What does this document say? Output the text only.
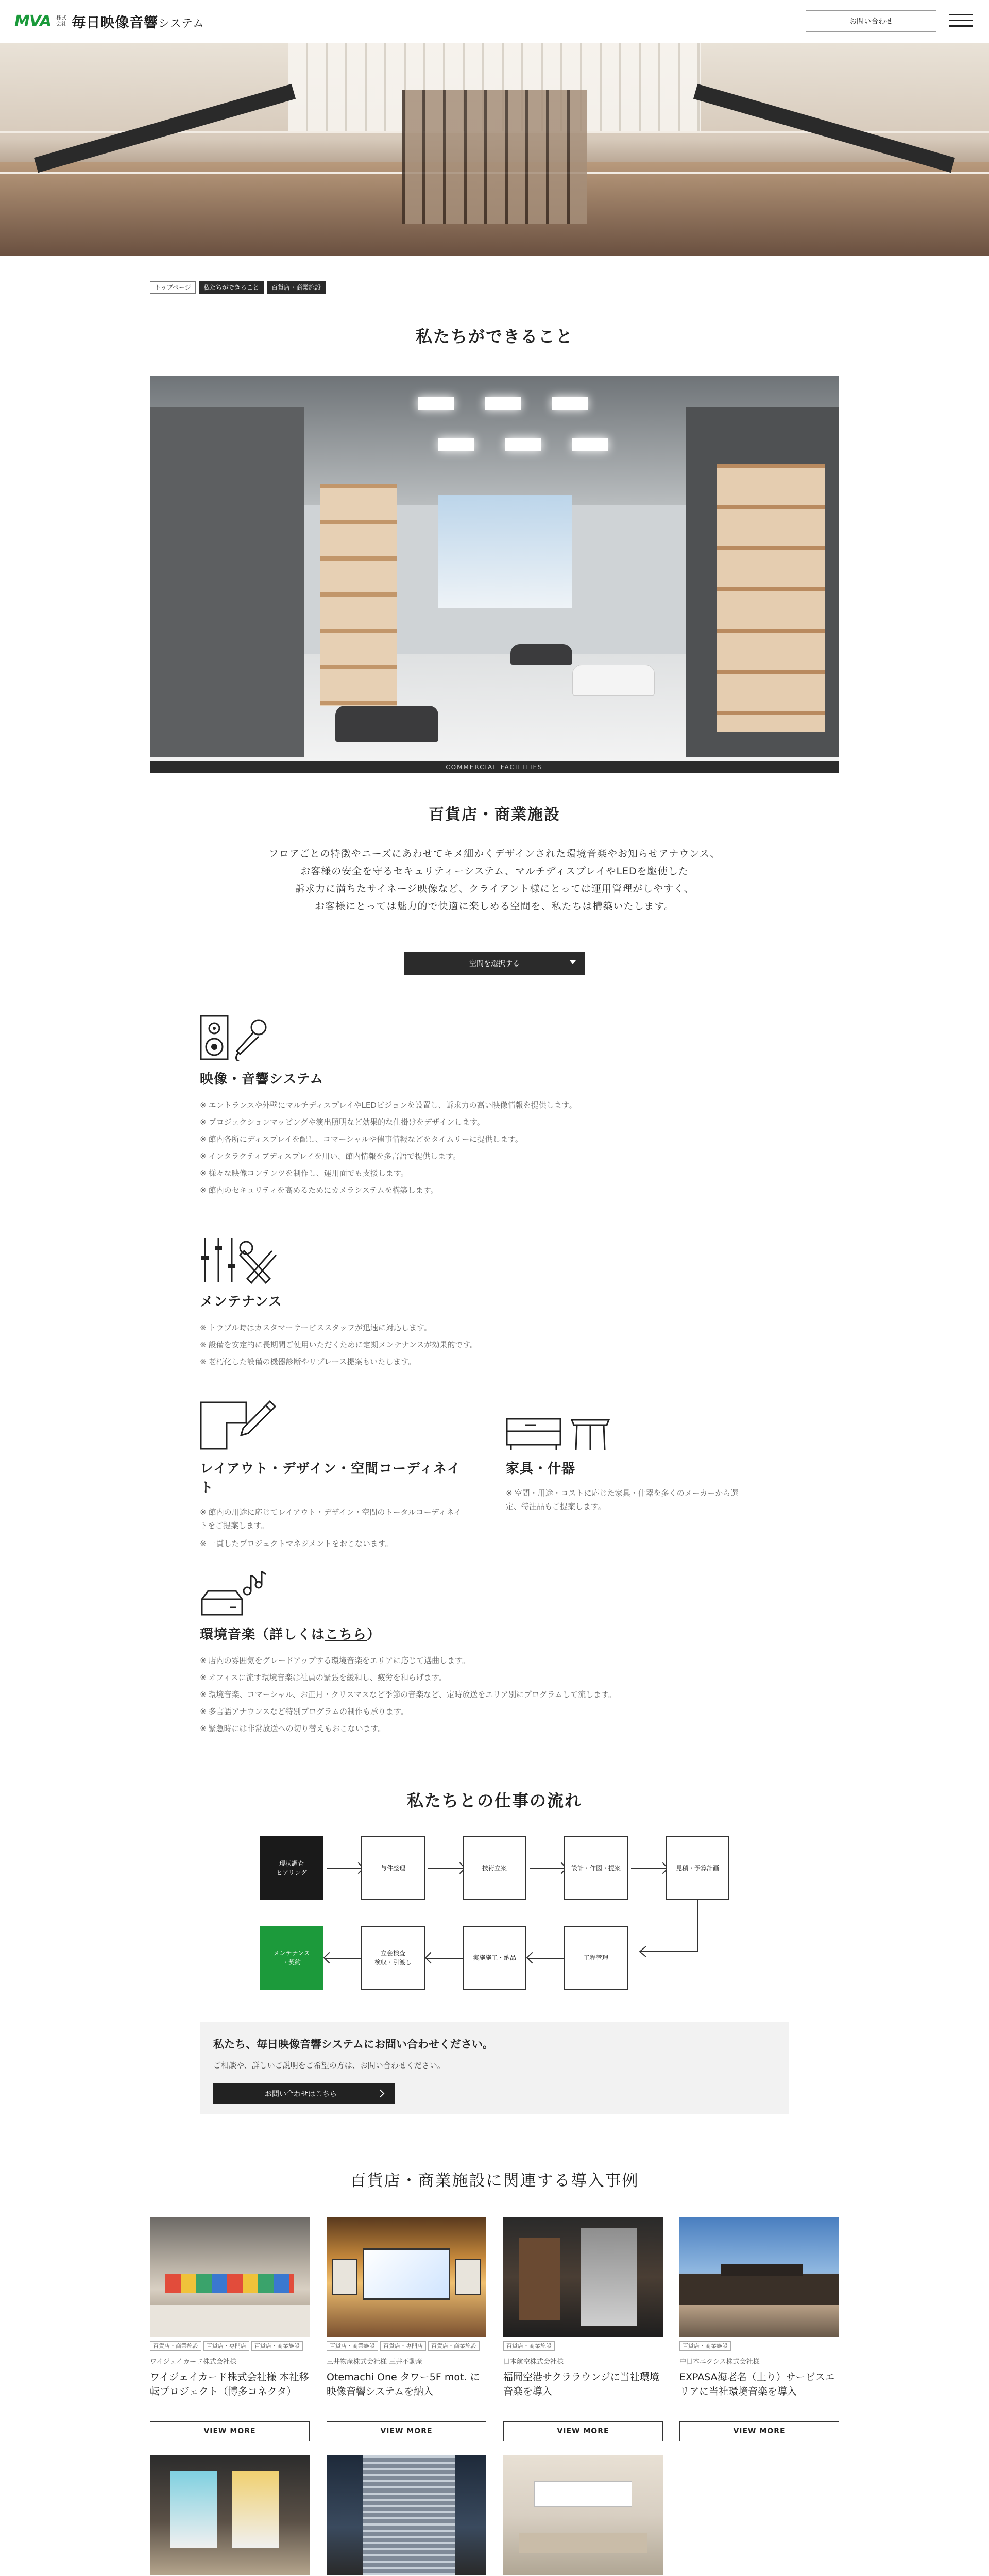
MVA 株式会社 毎日映像音響システム	お問い合わせ
トップページ	私たちができること	百貨店・商業施設
私たちができること
COMMERCIAL FACILITIES
百貨店・商業施設

フロアごとの特徴やニーズにあわせてキメ細かくデザインされた環境音楽やお知らせアナウンス、

お客様の安全を守るセキュリティーシステム、マルチディスプレイやLEDを駆使した

訴求力に満ちたサイネージ映像など、クライアント様にとっては運用管理がしやすく、

お客様にとっては魅力的で快適に楽しめる空間を、私たちは構築いたします。

空間を選択する
映像・音響システム
※ エントランスや外壁にマルチディスプレイやLEDビジョンを設置し、訴求力の高い映像情報を提供します。
※ プロジェクションマッピングや演出照明など効果的な仕掛けをデザインします。
※ 館内各所にディスプレイを配し、コマーシャルや催事情報などをタイムリーに提供します。
※ インタラクティブディスプレイを用い、館内情報を多言語で提供します。
※ 様々な映像コンテンツを制作し、運用面でも支援します。
※ 館内のセキュリティを高めるためにカメラシステムを構築します。
メンテナンス
※ トラブル時はカスタマーサービススタッフが迅速に対応します。
※ 設備を安定的に長期間ご使用いただくために定期メンテナンスが効果的です。
※ 老朽化した設備の機器診断やリプレース提案もいたします。
レイアウト・デザイン・空間コーディネイト
※ 館内の用途に応じてレイアウト・デザイン・空間のトータルコーディネイトをご提案します。
※ 一貫したプロジェクトマネジメントをおこないます。
家具・什器
※ 空間・用途・コストに応じた家具・什器を多くのメーカーから選定、特注品もご提案します。
環境音楽（詳しくはこちら）
※ 店内の雰囲気をグレードアップする環境音楽をエリアに応じて選曲します。
※ オフィスに流す環境音楽は社員の緊張を緩和し、疲労を和らげます。
※ 環境音楽、コマーシャル、お正月・クリスマスなど季節の音楽など、定時放送をエリア別にプログラムして流します。
※ 多言語アナウンスなど特別プログラムの制作も承ります。
※ 緊急時には非常放送への切り替えもおこないます。
私たちとの仕事の流れ
現状調査
ヒアリング
与件整理	技術立案	設計・作図・提案	見積・予算計画
工程管理
実施施工・納品
立会検査
検収・引渡し
メンテナンス
・契約
私たち、毎日映像音響システムにお問い合わせください。

ご相談や、詳しいご説明をご希望の方は、お問い合わせください。

お問い合わせはこちら
百貨店・商業施設に関連する導入事例
百貨店・商業施設	百貨店・専門店	百貨店・商業施設
ワイジェイカード株式会社様
ワイジェイカード株式会社様 本社移転プロジェクト（博多コネクタ）
VIEW MORE
百貨店・商業施設	百貨店・専門店	百貨店・商業施設
三井物産株式会社様 三井不動産
Otemachi One タワー5F mot. に映像音響システムを納入
VIEW MORE
百貨店・商業施設
日本航空株式会社様
福岡空港サクララウンジに当社環境音楽を導入
VIEW MORE
百貨店・商業施設
中日本エクシス株式会社様
EXPASA海老名（上り）サービスエリアに当社環境音楽を導入
VIEW MORE
